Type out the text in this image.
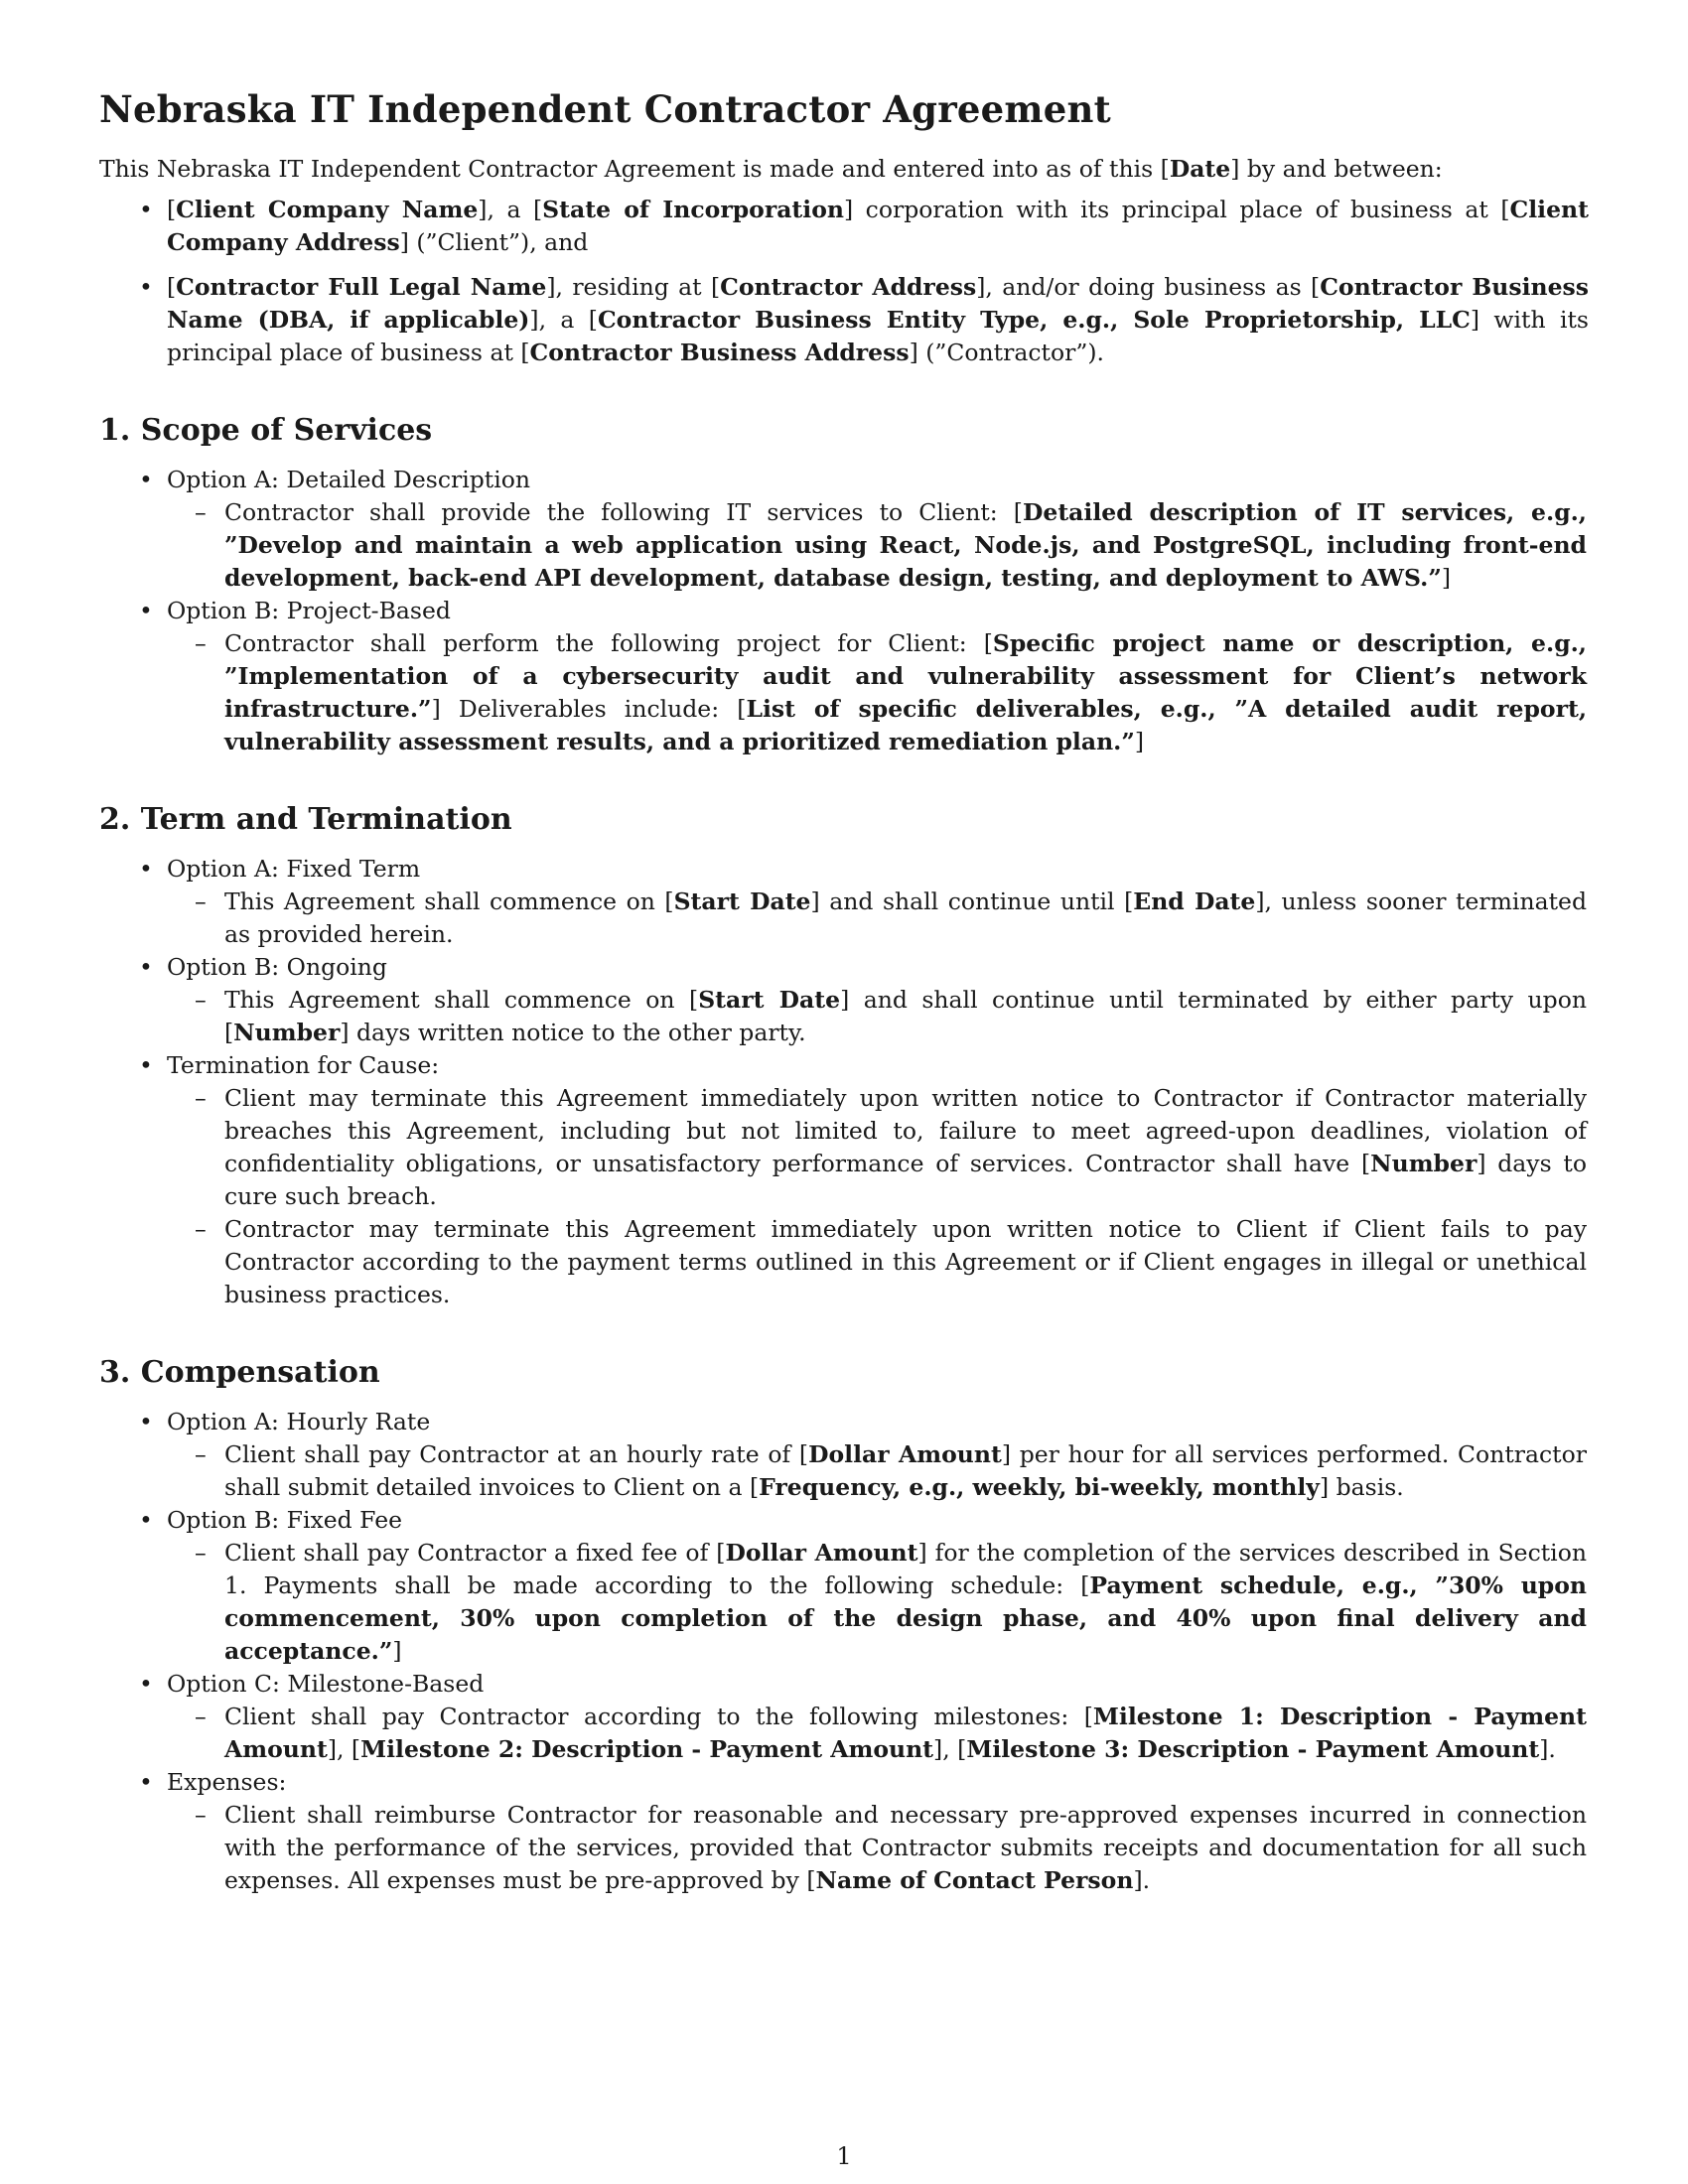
Nebraska IT Independent Contractor Agreement

This Nebraska IT Independent Contractor Agreement is made and entered into as of this [Date] by and between:

• [Client Company Name], a [State of Incorporation] corporation with its principal place of business at [Client Company Address] (”Client”), and
• [Contractor Full Legal Name], residing at [Contractor Address], and/or doing business as [Contractor Business Name (DBA, if applicable)], a [Contractor Business Entity Type, e.g., Sole Proprietorship, LLC] with its principal place of business at [Contractor Business Address] (”Contractor”).
1. Scope of Services
• Option A: Detailed Description
– Contractor shall provide the following IT services to Client: [Detailed description of IT services, e.g., ”Develop and maintain a web application using React, Node.js, and PostgreSQL, including front-end development, back-end API development, database design, testing, and deployment to AWS.”]
• Option B: Project-Based
– Contractor shall perform the following project for Client: [Specific project name or description, e.g., ”Implementation of a cybersecurity audit and vulnerability assessment for Client’s network infrastructure.”] Deliverables include: [List of specific deliverables, e.g., ”A detailed audit report, vulnerability assessment results, and a prioritized remediation plan.”]
2. Term and Termination
• Option A: Fixed Term
– This Agreement shall commence on [Start Date] and shall continue until [End Date], unless sooner terminated as provided herein.
• Option B: Ongoing
– This Agreement shall commence on [Start Date] and shall continue until terminated by either party upon [Number] days written notice to the other party.
• Termination for Cause:
– Client may terminate this Agreement immediately upon written notice to Contractor if Contractor materially breaches this Agreement, including but not limited to, failure to meet agreed-upon deadlines, violation of confidentiality obligations, or unsatisfactory performance of services. Contractor shall have [Number] days to cure such breach.
– Contractor may terminate this Agreement immediately upon written notice to Client if Client fails to pay Contractor according to the payment terms outlined in this Agreement or if Client engages in illegal or unethical business practices.
3. Compensation
• Option A: Hourly Rate
– Client shall pay Contractor at an hourly rate of [Dollar Amount] per hour for all services performed. Contractor shall submit detailed invoices to Client on a [Frequency, e.g., weekly, bi-weekly, monthly] basis.
• Option B: Fixed Fee
– Client shall pay Contractor a fixed fee of [Dollar Amount] for the completion of the services described in Section 1. Payments shall be made according to the following schedule: [Payment schedule, e.g., ”30% upon commencement, 30% upon completion of the design phase, and 40% upon final delivery and acceptance.”]
• Option C: Milestone-Based
– Client shall pay Contractor according to the following milestones: [Milestone 1: Description - Payment Amount], [Milestone 2: Description - Payment Amount], [Milestone 3: Description - Payment Amount].
• Expenses:
– Client shall reimburse Contractor for reasonable and necessary pre-approved expenses incurred in connection with the performance of the services, provided that Contractor submits receipts and documentation for all such expenses. All expenses must be pre-approved by [Name of Contact Person].
1
